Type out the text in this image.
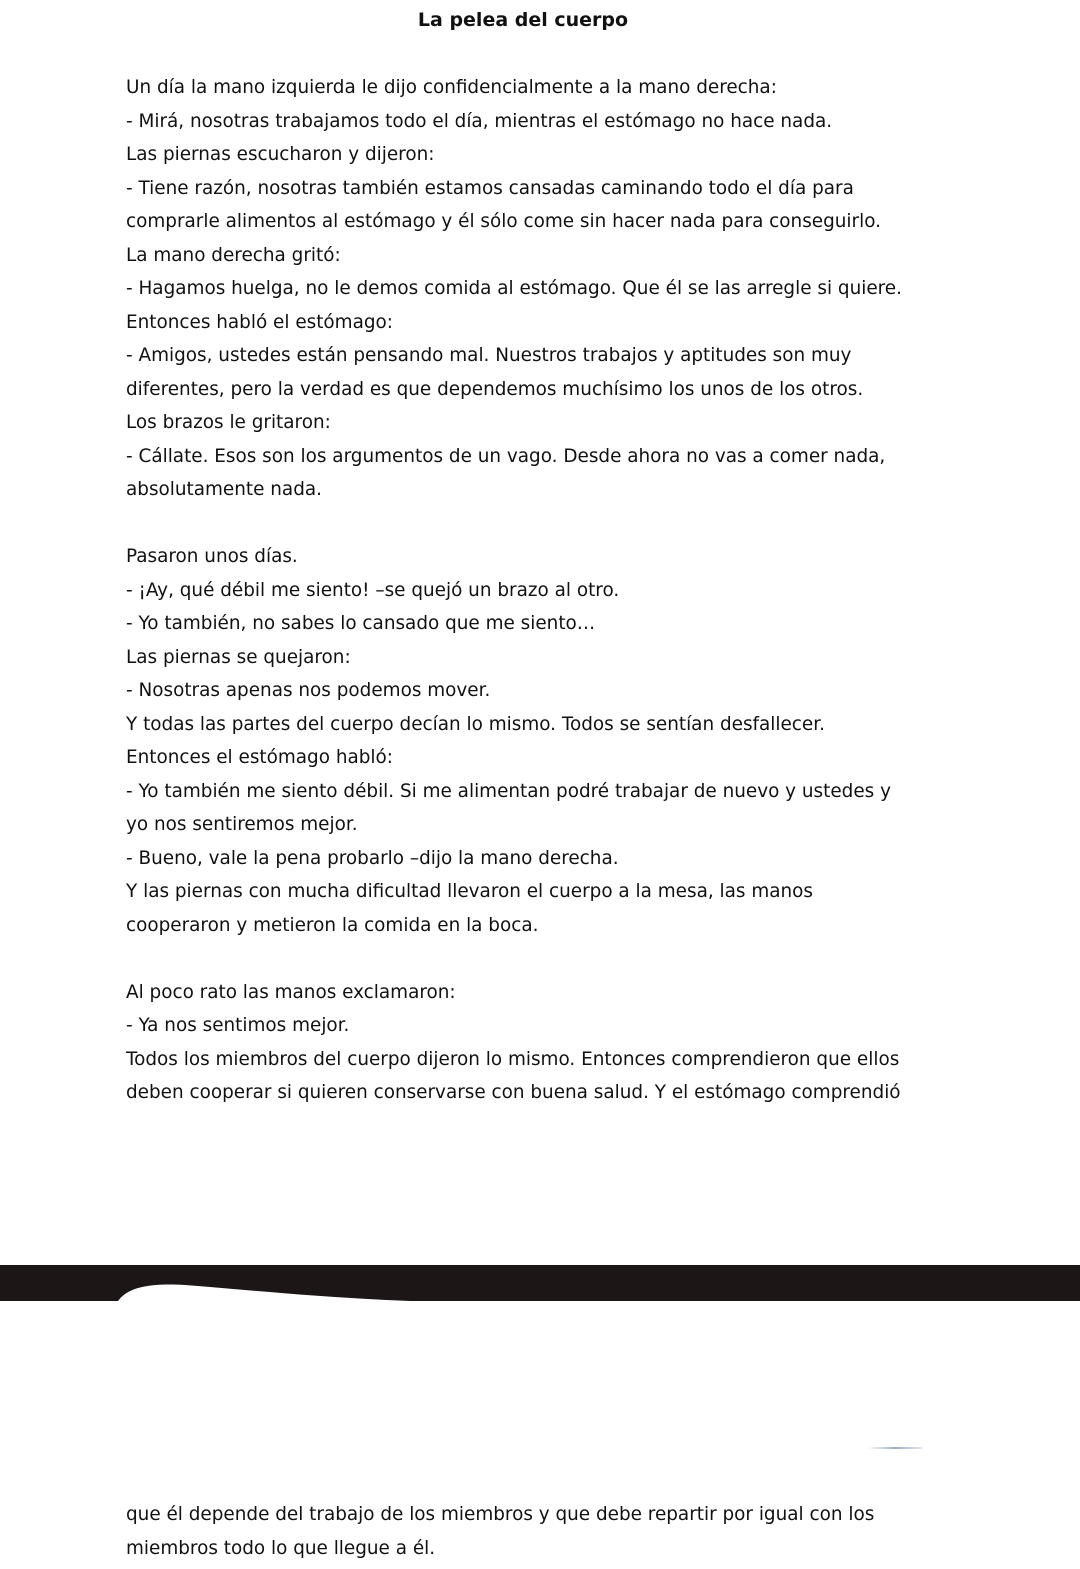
La pelea del cuerpo
Un día la mano izquierda le dijo confidencialmente a la mano derecha:
- Mirá, nosotras trabajamos todo el día, mientras el estómago no hace nada.
Las piernas escucharon y dijeron:
- Tiene razón, nosotras también estamos cansadas caminando todo el día para
comprarle alimentos al estómago y él sólo come sin hacer nada para conseguirlo.
La mano derecha gritó:
- Hagamos huelga, no le demos comida al estómago. Que él se las arregle si quiere.
Entonces habló el estómago:
- Amigos, ustedes están pensando mal. Nuestros trabajos y aptitudes son muy
diferentes, pero la verdad es que dependemos muchísimo los unos de los otros.
Los brazos le gritaron:
- Cállate. Esos son los argumentos de un vago. Desde ahora no vas a comer nada,
absolutamente nada.
Pasaron unos días.
- ¡Ay, qué débil me siento! –se quejó un brazo al otro.
- Yo también, no sabes lo cansado que me siento…
Las piernas se quejaron:
- Nosotras apenas nos podemos mover.
Y todas las partes del cuerpo decían lo mismo. Todos se sentían desfallecer.
Entonces el estómago habló:
- Yo también me siento débil. Si me alimentan podré trabajar de nuevo y ustedes y
yo nos sentiremos mejor.
- Bueno, vale la pena probarlo –dijo la mano derecha.
Y las piernas con mucha dificultad llevaron el cuerpo a la mesa, las manos
cooperaron y metieron la comida en la boca.
Al poco rato las manos exclamaron:
- Ya nos sentimos mejor.
Todos los miembros del cuerpo dijeron lo mismo. Entonces comprendieron que ellos
deben cooperar si quieren conservarse con buena salud. Y el estómago comprendió
que él depende del trabajo de los miembros y que debe repartir por igual con los
miembros todo lo que llegue a él.
